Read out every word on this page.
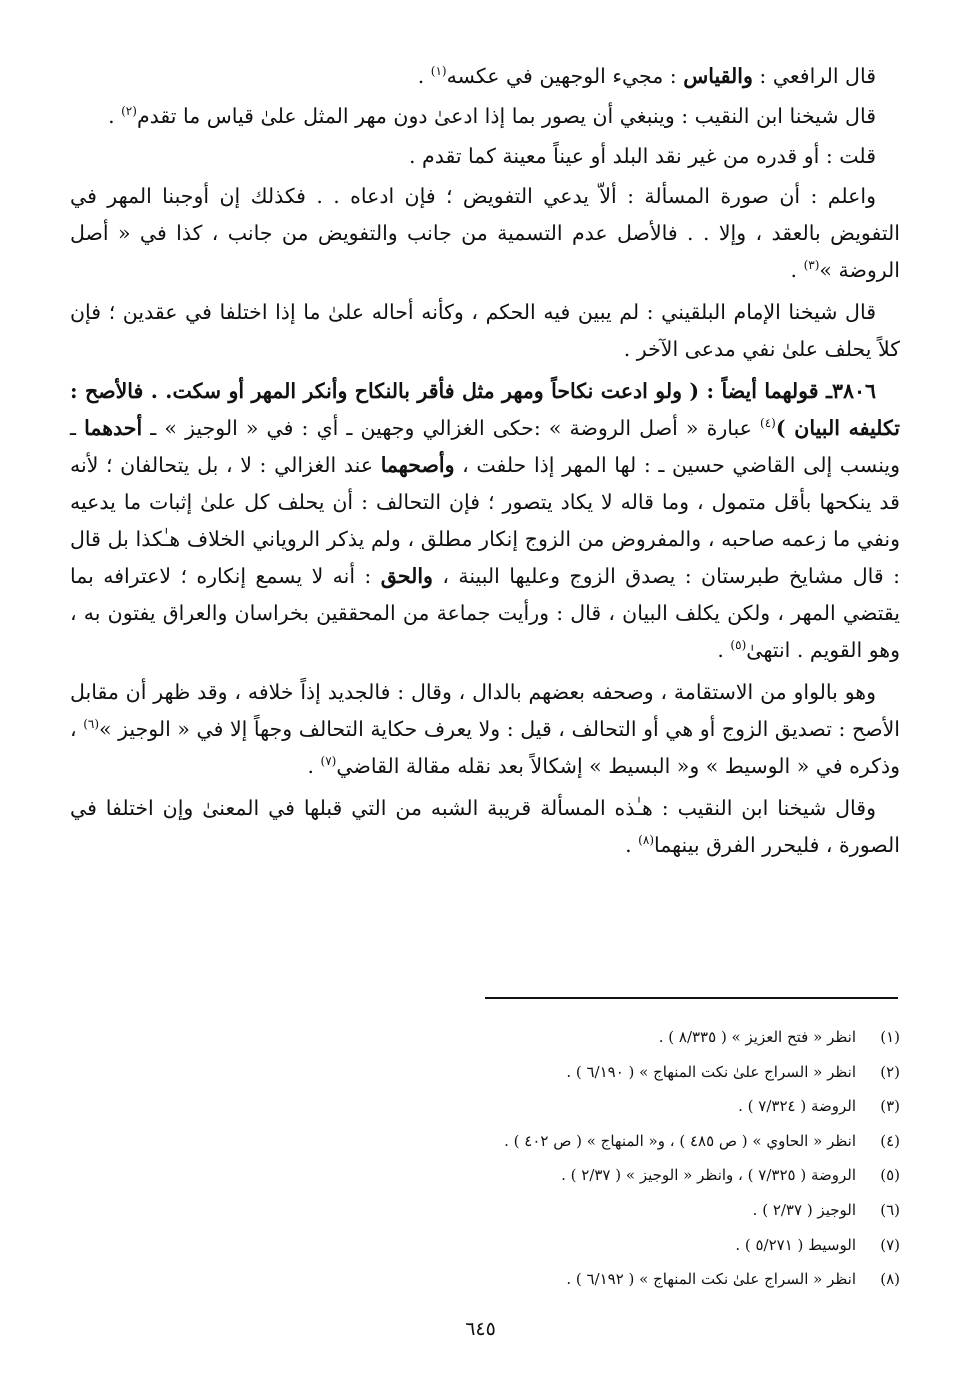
قال الرافعي : والقياس : مجيء الوجهين في عكسه$^{(١)}$ .

قال شيخنا ابن النقيب : وينبغي أن يصور بما إذا ادعىٰ دون مهر المثل علىٰ قياس ما تقدم$^{(٢)}$ .

قلت : أو قدره من غير نقد البلد أو عيناً معينة كما تقدم .

واعلم : أن صورة المسألة : ألاّ يدعي التفويض ؛ فإن ادعاه . . فكذلك إن أوجبنا المهر في التفويض بالعقد ، وإلا . . فالأصل عدم التسمية من جانب والتفويض من جانب ، كذا في « أصل الروضة »$^{(٣)}$ .

قال شيخنا الإمام البلقيني : لم يبين فيه الحكم ، وكأنه أحاله علىٰ ما إذا اختلفا في عقدين ؛ فإن كلاً يحلف علىٰ نفي مدعى الآخر .

٣٨٠٦ـ قولهما أيضاً : ( ولو ادعت نكاحاً ومهر مثل فأقر بالنكاح وأنكر المهر أو سكت. . فالأصح : تكليفه البيان )$^{(٤)}$ عبارة « أصل الروضة » :حكى الغزالي وجهين ـ أي : في « الوجيز » ـ أحدهما ـ وينسب إلى القاضي حسين ـ : لها المهر إذا حلفت ، وأصحهما عند الغزالي : لا ، بل يتحالفان ؛ لأنه قد ينكحها بأقل متمول ، وما قاله لا يكاد يتصور ؛ فإن التحالف : أن يحلف كل علىٰ إثبات ما يدعيه ونفي ما زعمه صاحبه ، والمفروض من الزوج إنكار مطلق ، ولم يذكر الروياني الخلاف هـٰكذا بل قال : قال مشايخ طبرستان : يصدق الزوج وعليها البينة ، والحق : أنه لا يسمع إنكاره ؛ لاعترافه بما يقتضي المهر ، ولكن يكلف البيان ، قال : ورأيت جماعة من المحققين بخراسان والعراق يفتون به ، وهو القويم . انتهىٰ$^{(٥)}$ .

وهو بالواو من الاستقامة ، وصحفه بعضهم بالدال ، وقال : فالجديد إذاً خلافه ، وقد ظهر أن مقابل الأصح : تصديق الزوج أو هي أو التحالف ، قيل : ولا يعرف حكاية التحالف وجهاً إلا في « الوجيز »$^{(٦)}$ ، وذكره في « الوسيط » و« البسيط » إشكالاً بعد نقله مقالة القاضي$^{(٧)}$ .

وقال شيخنا ابن النقيب : هـٰذه المسألة قريبة الشبه من التي قبلها في المعنىٰ وإن اختلفا في الصورة ، فليحرر الفرق بينهما$^{(٨)}$ .

(١)انظر « فتح العزيز » ( ٨/٣٣٥ ) .
(٢)انظر « السراج علىٰ نكت المنهاج » ( ٦/١٩٠ ) .
(٣)الروضة ( ٧/٣٢٤ ) .
(٤)انظر « الحاوي » ( ص ٤٨٥ ) ، و« المنهاج » ( ص ٤٠٢ ) .
(٥)الروضة ( ٧/٣٢٥ ) ، وانظر « الوجيز » ( ٢/٣٧ ) .
(٦)الوجيز ( ٢/٣٧ ) .
(٧)الوسيط ( ٥/٢٧١ ) .
(٨)انظر « السراج علىٰ نكت المنهاج » ( ٦/١٩٢ ) .
٦٤٥
